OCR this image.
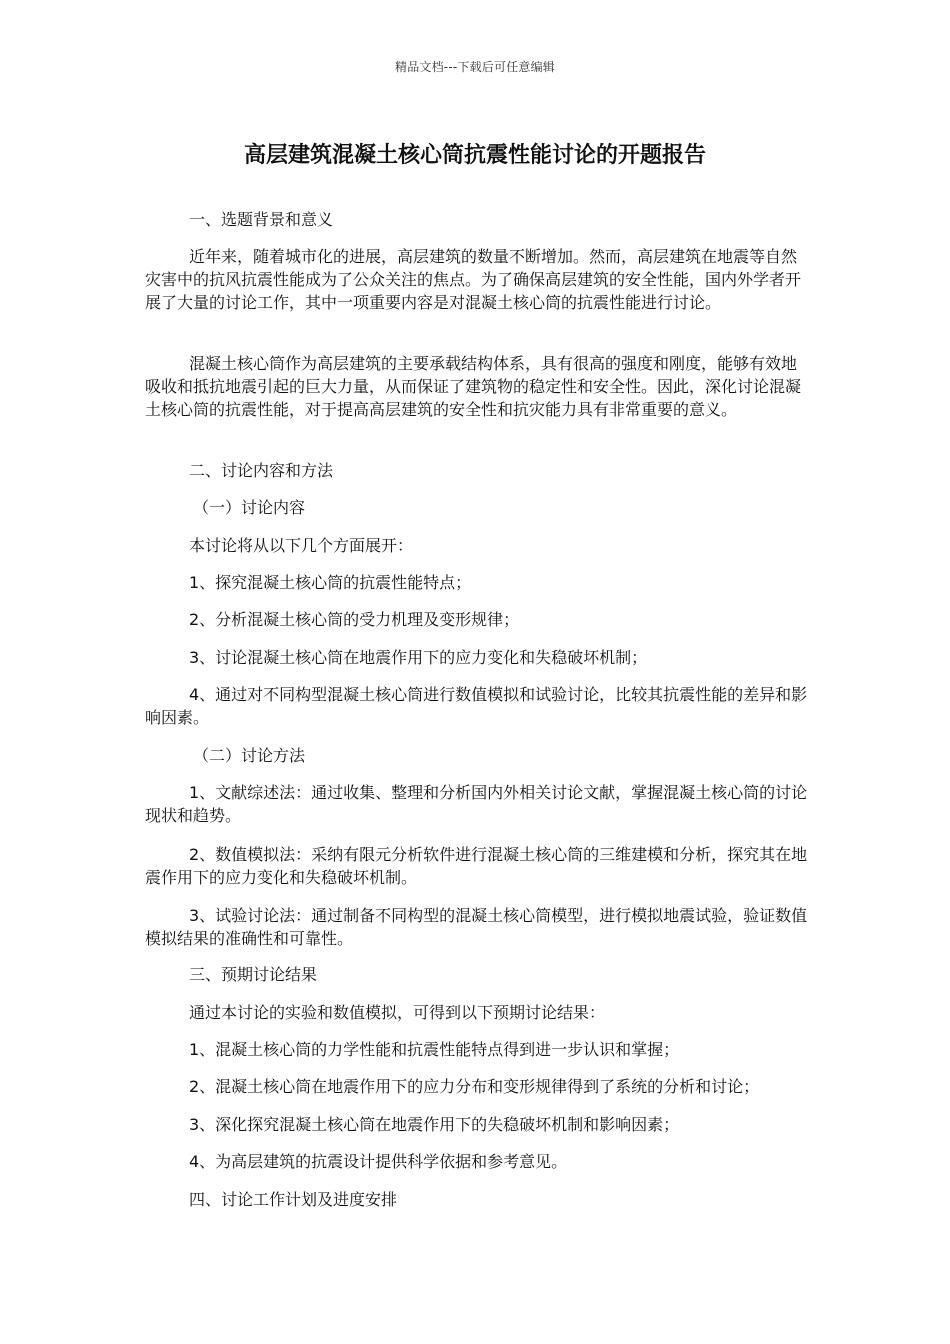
精品文档---下载后可任意编辑
高层建筑混凝土核心筒抗震性能讨论的开题报告

一、选题背景和意义

近年来，随着城市化的进展，高层建筑的数量不断增加。然而，高层建筑在地震等自然灾害中的抗风抗震性能成为了公众关注的焦点。为了确保高层建筑的安全性能，国内外学者开展了大量的讨论工作，其中一项重要内容是对混凝土核心筒的抗震性能进行讨论。

混凝土核心筒作为高层建筑的主要承载结构体系，具有很高的强度和刚度，能够有效地吸收和抵抗地震引起的巨大力量，从而保证了建筑物的稳定性和安全性。因此，深化讨论混凝土核心筒的抗震性能，对于提高高层建筑的安全性和抗灾能力具有非常重要的意义。

二、讨论内容和方法

（一）讨论内容

本讨论将从以下几个方面展开：

1、探究混凝土核心筒的抗震性能特点；

2、分析混凝土核心筒的受力机理及变形规律；

3、讨论混凝土核心筒在地震作用下的应力变化和失稳破坏机制；

4、通过对不同构型混凝土核心筒进行数值模拟和试验讨论，比较其抗震性能的差异和影响因素。

（二）讨论方法

1、文献综述法：通过收集、整理和分析国内外相关讨论文献，掌握混凝土核心筒的讨论现状和趋势。

2、数值模拟法：采纳有限元分析软件进行混凝土核心筒的三维建模和分析，探究其在地震作用下的应力变化和失稳破坏机制。

3、试验讨论法：通过制备不同构型的混凝土核心筒模型，进行模拟地震试验，验证数值模拟结果的准确性和可靠性。

三、预期讨论结果

通过本讨论的实验和数值模拟，可得到以下预期讨论结果：

1、混凝土核心筒的力学性能和抗震性能特点得到进一步认识和掌握；

2、混凝土核心筒在地震作用下的应力分布和变形规律得到了系统的分析和讨论；

3、深化探究混凝土核心筒在地震作用下的失稳破坏机制和影响因素；

4、为高层建筑的抗震设计提供科学依据和参考意见。

四、讨论工作计划及进度安排
